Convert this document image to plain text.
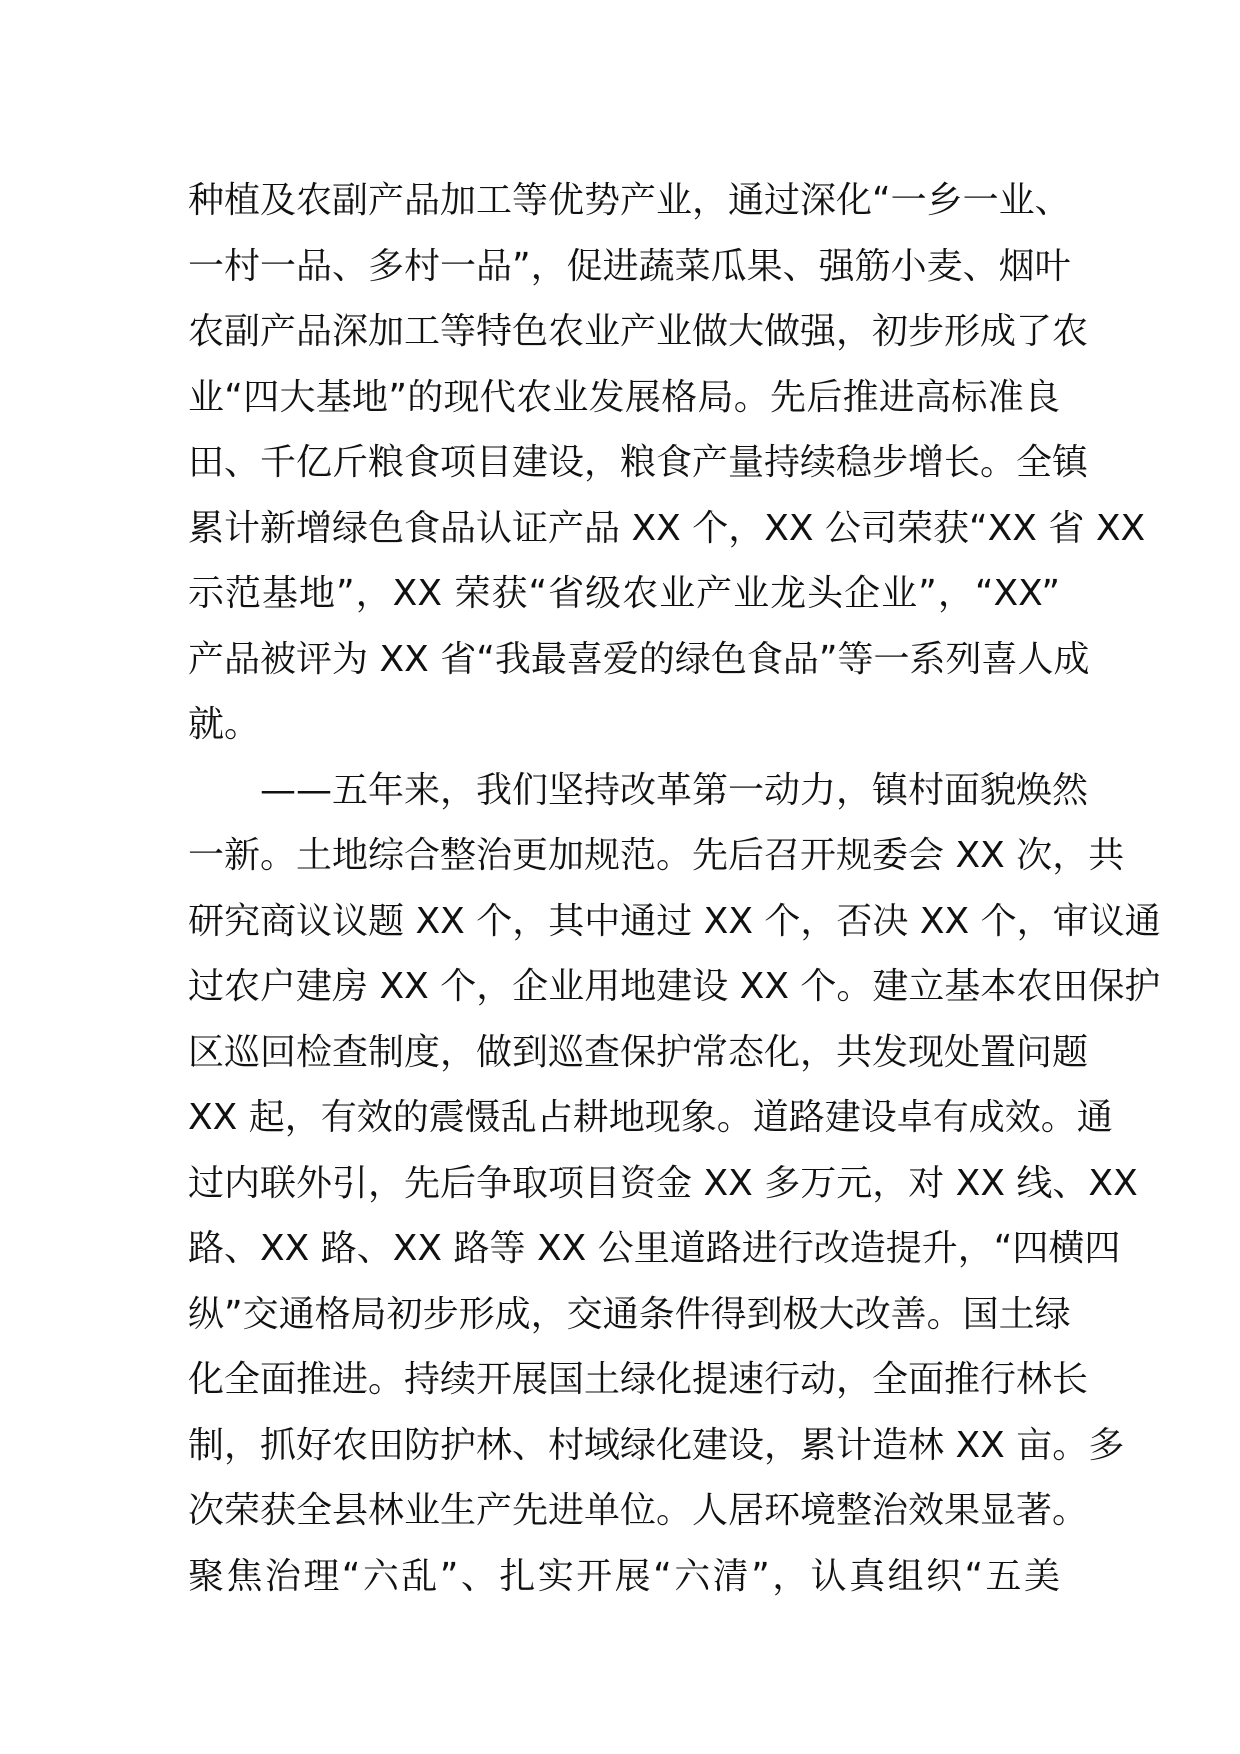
种植及农副产品加工等优势产业，通过深化“一乡一业、
一村一品、多村一品”，促进蔬菜瓜果、强筋小麦、烟叶
农副产品深加工等特色农业产业做大做强，初步形成了农
业“四大基地”的现代农业发展格局。先后推进高标准良
田、千亿斤粮食项目建设，粮食产量持续稳步增长。全镇
累计新增绿色食品认证产品 XX 个，XX 公司荣获“XX 省 XX
示范基地”，XX 荣获“省级农业产业龙头企业”，“XX”
产品被评为 XX 省“我最喜爱的绿色食品”等一系列喜人成
就。
——五年来，我们坚持改革第一动力，镇村面貌焕然
一新。土地综合整治更加规范。先后召开规委会 XX 次，共
研究商议议题 XX 个，其中通过 XX 个，否决 XX 个，审议通
过农户建房 XX 个，企业用地建设 XX 个。建立基本农田保护
区巡回检查制度，做到巡查保护常态化，共发现处置问题
XX 起，有效的震慑乱占耕地现象。道路建设卓有成效。通
过内联外引，先后争取项目资金 XX 多万元，对 XX 线、XX
路、XX 路、XX 路等 XX 公里道路进行改造提升，“四横四
纵”交通格局初步形成，交通条件得到极大改善。国土绿
化全面推进。持续开展国土绿化提速行动，全面推行林长
制，抓好农田防护林、村域绿化建设，累计造林 XX 亩。多
次荣获全县林业生产先进单位。人居环境整治效果显著。
聚焦治理“六乱”、扎实开展“六清”，认真组织“五美
